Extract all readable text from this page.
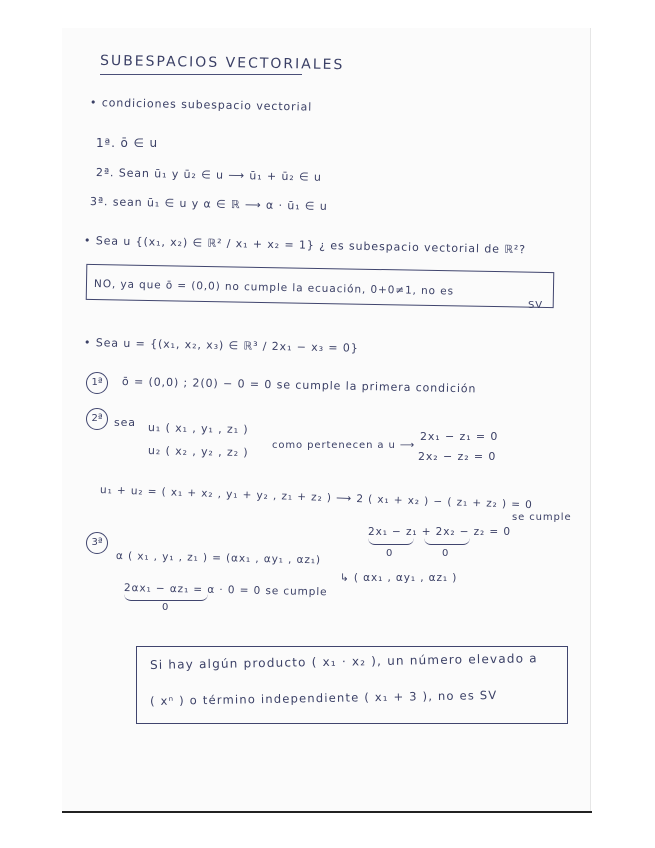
SUBESPACIOS VECTORIALES
• condiciones subespacio vectorial
1ª. ō ∈ u
2ª. Sean ū₁ y ū₂ ∈ u ⟶ ū₁ + ū₂ ∈ u
3ª. sean ū₁ ∈ u y α ∈ ℝ ⟶ α · ū₁ ∈ u
• Sea u {(x₁, x₂) ∈ ℝ² / x₁ + x₂ = 1} ¿ es subespacio vectorial de ℝ²?
NO, ya que ō = (0,0) no cumple la ecuación, 0+0≠1, no es
SV
• Sea u = {(x₁, x₂, x₃) ∈ ℝ³ / 2x₁ − x₃ = 0}
1ª	ō = (0,0) ; 2(0) − 0 = 0 se cumple la primera condición
2ª	sea u₁ ( x₁ , y₁ , z₁ )
u₂ ( x₂ , y₂ , z₂ ) como pertenecen a u ⟶
2x₁ − z₁ = 0
2x₂ − z₂ = 0
u₁ + u₂ = ( x₁ + x₂ , y₁ + y₂ , z₁ + z₂ ) ⟶ 2 ( x₁ + x₂ ) − ( z₁ + z₂ ) = 0
se cumple
2x₁ − z₁ + 2x₂ − z₂ = 0
0	0
3ª
α ( x₁ , y₁ , z₁ ) = (αx₁ , αy₁ , αz₁)
↳ ( αx₁ , αy₁ , αz₁ )
2αx₁ − αz₁ = α · 0 = 0 se cumple
0
Si hay algún producto ( x₁ · x₂ ), un número elevado a
( xⁿ ) o término independiente ( x₁ + 3 ), no es SV
